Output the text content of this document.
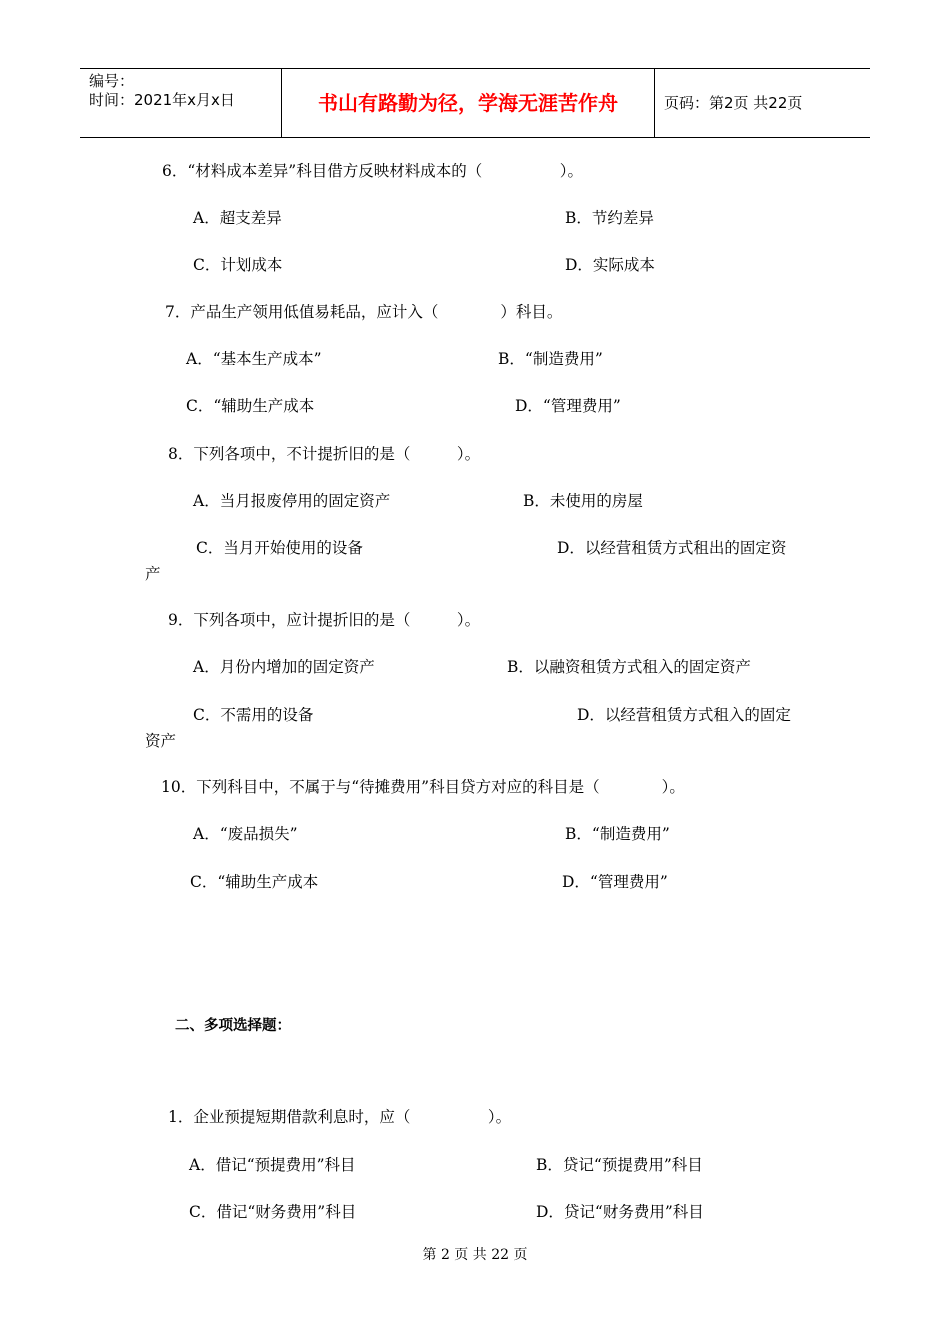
编号：
时间：2021年x月x日	书山有路勤为径，学海无涯苦作舟	页码：第2页 共22页
6．“材料成本差异”科目借方反映材料成本的（　　　　　）。
A．超支差异	B．节约差异
C．计划成本	D．实际成本
7．产品生产领用低值易耗品，应计入（　　　　）科目。
A．“基本生产成本”	B．“制造费用”
C．“辅助生产成本	D．“管理费用”
8．下列各项中，不计提折旧的是（　　　）。
A．当月报废停用的固定资产	B．未使用的房屋
C．当月开始使用的设备	D．以经营租赁方式租出的固定资
产
9．下列各项中，应计提折旧的是（　　　）。
A．月份内增加的固定资产	B．以融资租赁方式租入的固定资产
C．不需用的设备	D．以经营租赁方式租入的固定
资产
10．下列科目中，不属于与“待摊费用”科目贷方对应的科目是（　　　　）。
A．“废品损失”	B．“制造费用”
C．“辅助生产成本	D．“管理费用”
二、多项选择题：
1．企业预提短期借款利息时，应（　　　　　）。
A．借记“预提费用”科目	B．贷记“预提费用”科目
C．借记“财务费用”科目	D．贷记“财务费用”科目
第 2 页 共 22 页
